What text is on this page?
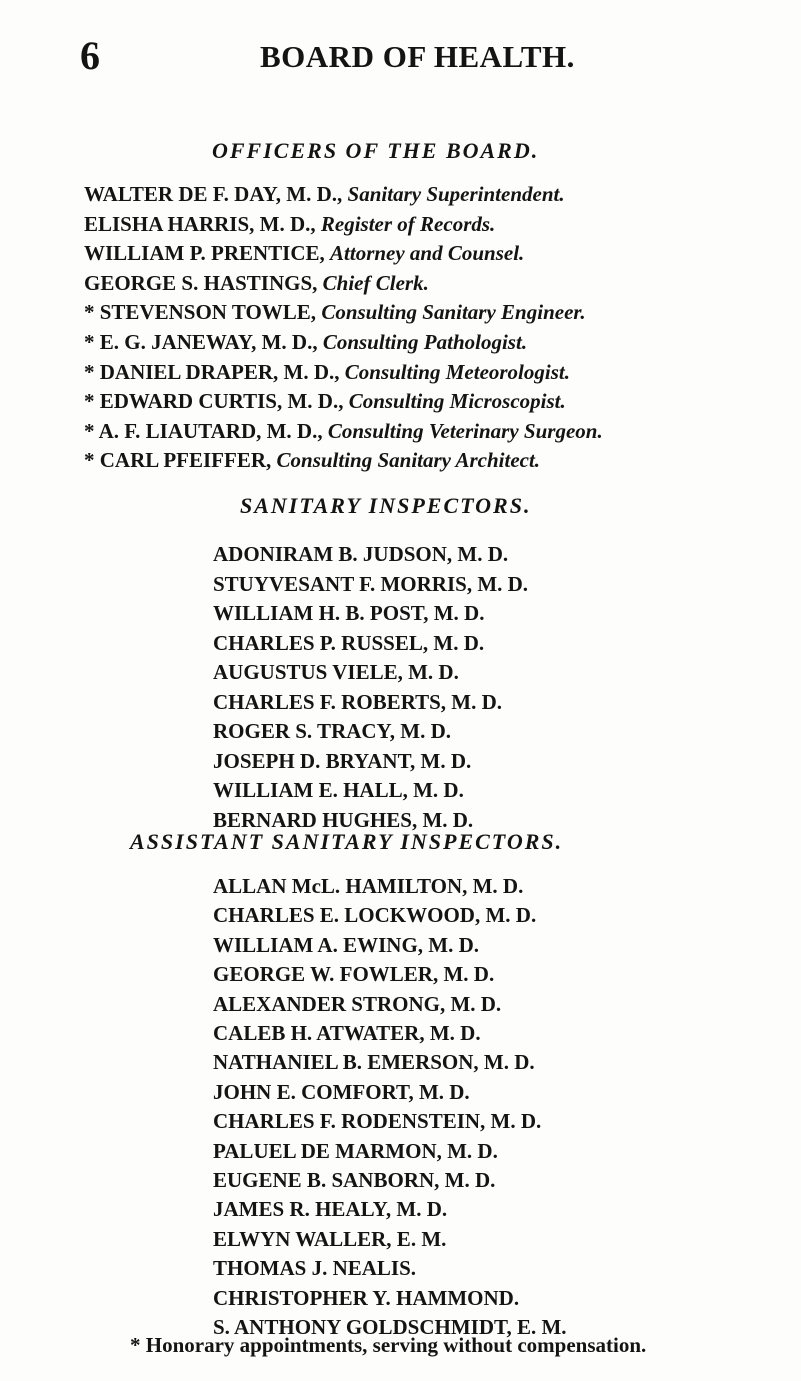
6	BOARD OF HEALTH.
OFFICERS OF THE BOARD.
WALTER DE F. DAY, M. D., Sanitary Superintendent.
ELISHA HARRIS, M. D., Register of Records.
WILLIAM P. PRENTICE, Attorney and Counsel.
GEORGE S. HASTINGS, Chief Clerk.
* STEVENSON TOWLE, Consulting Sanitary Engineer.
* E. G. JANEWAY, M. D., Consulting Pathologist.
* DANIEL DRAPER, M. D., Consulting Meteorologist.
* EDWARD CURTIS, M. D., Consulting Microscopist.
* A. F. LIAUTARD, M. D., Consulting Veterinary Surgeon.
* CARL PFEIFFER, Consulting Sanitary Architect.
SANITARY INSPECTORS.
ADONIRAM B. JUDSON, M. D.
STUYVESANT F. MORRIS, M. D.
WILLIAM H. B. POST, M. D.
CHARLES P. RUSSEL, M. D.
AUGUSTUS VIELE, M. D.
CHARLES F. ROBERTS, M. D.
ROGER S. TRACY, M. D.
JOSEPH D. BRYANT, M. D.
WILLIAM E. HALL, M. D.
BERNARD HUGHES, M. D.
ASSISTANT SANITARY INSPECTORS.
ALLAN McL. HAMILTON, M. D.
CHARLES E. LOCKWOOD, M. D.
WILLIAM A. EWING, M. D.
GEORGE W. FOWLER, M. D.
ALEXANDER STRONG, M. D.
CALEB H. ATWATER, M. D.
NATHANIEL B. EMERSON, M. D.
JOHN E. COMFORT, M. D.
CHARLES F. RODENSTEIN, M. D.
PALUEL DE MARMON, M. D.
EUGENE B. SANBORN, M. D.
JAMES R. HEALY, M. D.
ELWYN WALLER, E. M.
THOMAS J. NEALIS.
CHRISTOPHER Y. HAMMOND.
S. ANTHONY GOLDSCHMIDT, E. M.
* Honorary appointments, serving without compensation.
